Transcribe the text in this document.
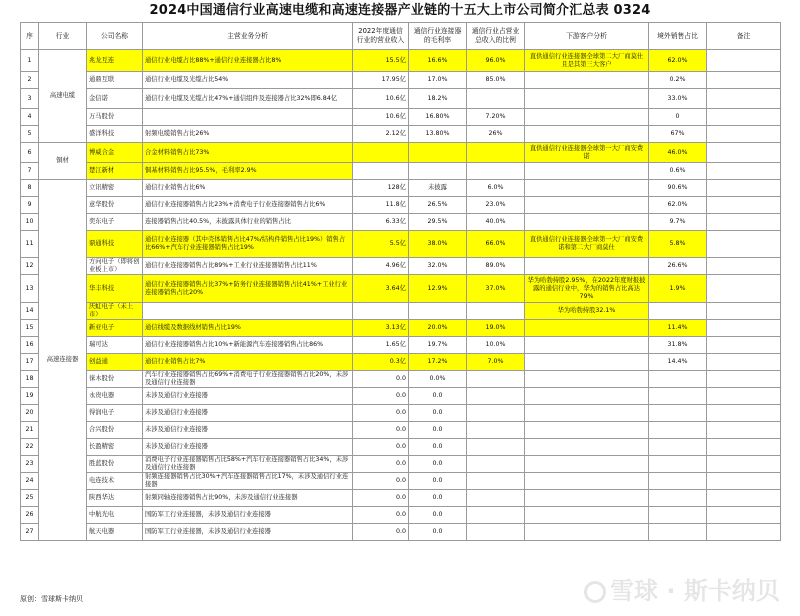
2024中国通信行业高速电缆和高速连接器产业链的十五大上市公司简介汇总表 0324
序	行业	公司名称	主营业务分析	2022年度通信行业的营业收入	通信行业连接器的毛利率	通信行业占营业总收入的比例	下游客户分析	境外销售占比	备注
1	高速电缆	兆龙互连	通信行业电缆占比88%+通信行业连接器占比8%	15.5亿	16.6%	96.0%	直供通信行业连接器全球第二大厂商莫仕且是其第三大客户	62.0%	
2		通鼎互联	通信行业电缆及光缆占比54%	17.95亿	17.0%	85.0%		0.2%	
3		金信诺	通信行业电缆及光缆占比47%+通信组件及连接器占比32%即6.84亿	10.6亿	18.2%			33.0%	
4		万马股份		10.6亿	16.80%	7.20%		0	
5		盛洋科技	射频电缆销售占比26%	2.12亿	13.80%	26%		67%	
6	铜材	博威合金	合金材料销售占比73%				直供通信行业连接器全球第一大厂商安费诺	46.0%	
7		楚江新材	铜基材料销售占比95.5%，毛利率2.9%					0.6%	
8	高速连接器	立讯精密	通信行业销售占比6%	128亿	未披露	6.0%		90.6%	
9		意华股份	通信行业连接器销售占比23%+消费电子行业连接器销售占比6%	11.8亿	26.5%	23.0%		62.0%	
10		奕东电子	连接器销售占比40.5%，未披露具体行业的销售占比	6.33亿	29.5%	40.0%		9.7%	
11		鼎通科技	通信行业连接器（其中壳体销售占比47%/结构件销售占比19%）销售占比66%+汽车行业连接器销售占比19%	5.5亿	38.0%	66.0%	直供通信行业连接器全球第一大厂商安费诺和第二大厂商莫仕	5.8%	
12		方向电子（即将创业板上市）	通信行业连接器销售占比89%+工业行业连接器销售占比11%	4.96亿	32.0%	89.0%		26.6%	
13		华丰科技	通信行业连接器销售占比37%+防务行业连接器销售占比41%+工业行业连接器销售占比20%	3.64亿	12.9%	37.0%	华为哈勃持股2.95%，在2022年度财报披露的通信行业中，华为的销售占比高达79%	1.9%	
14		庆虹电子（未上市）					华为哈勃持股32.1%		
15		新亚电子	通信线缆及数据线材销售占比19%	3.13亿	20.0%	19.0%		11.4%	
16		瑞可达	通信行业连接器销售占比10%+新能源汽车连接器销售占比86%	1.65亿	19.7%	10.0%		31.8%	
17		创益通	通信行业销售占比7%	0.3亿	17.2%	7.0%		14.4%	
18		徕木股份	汽车行业连接器销售占比69%+消费电子行业连接器销售占比20%，未涉及通信行业连接器	0.0	0.0%				
19		永贵电器	未涉及通信行业连接器	0.0	0.0				
20		得润电子	未涉及通信行业连接器	0.0	0.0				
21		合兴股份	未涉及通信行业连接器	0.0	0.0				
22		长盈精密	未涉及通信行业连接器	0.0	0.0				
23		胜蓝股份	消费电子行业连接器销售占比58%+汽车行业连接器销售占比34%，未涉及通信行业连接器	0.0	0.0				
24		电连技术	射频连接器销售占比30%+汽车连接器销售占比17%，未涉及通信行业连接器	0.0	0.0				
25		陕西华达	射频同轴连接器销售占比90%，未涉及通信行业连接器	0.0	0.0				
26		中航光电	国防军工行业连接器，未涉及通信行业连接器	0.0	0.0				
27		航天电器	国防军工行业连接器，未涉及通信行业连接器	0.0	0.0				
原创：雪球斯卡纳贝	雪球 · 斯卡纳贝
